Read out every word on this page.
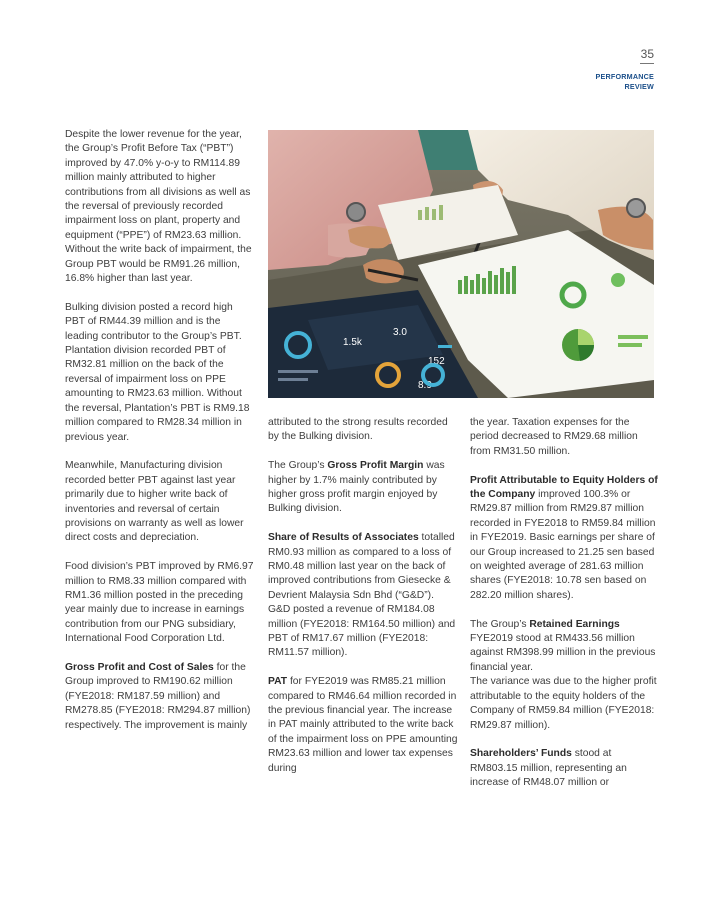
35
PERFORMANCE
REVIEW

Despite the lower revenue for the year, the Group’s Profit Before Tax (“PBT”) improved by 47.0% y-o-y to RM114.89 million mainly attributed to higher contributions from all divisions as well as the reversal of previously recorded impairment loss on plant, property and equipment (“PPE”) of RM23.63 million. Without the write back of impairment, the Group PBT would be RM91.26 million, 16.8% higher than last year.

Bulking division posted a record high PBT of RM44.39 million and is the leading contributor to the Group’s PBT. Plantation division recorded PBT of RM32.81 million on the back of the reversal of impairment loss on PPE amounting to RM23.63 million. Without the reversal, Plantation’s PBT is RM9.18 million compared to RM28.34 million in previous year.

Meanwhile, Manufacturing division recorded better PBT against last year primarily due to higher write back of inventories and reversal of certain provisions on warranty as well as lower direct costs and depreciation.

Food division’s PBT improved by RM6.97 million to RM8.33 million compared with RM1.36 million posted in the preceding year mainly due to increase in earnings contribution from our PNG subsidiary, International Food Corporation Ltd.

Gross Profit and Cost of Sales for the Group improved to RM190.62 million (FYE2018: RM187.59 million) and RM278.85 (FYE2018: RM294.87 million) respectively. The improvement is mainly

1.5k
3.0
152
8.9

attributed to the strong results recorded by the Bulking division.

The Group’s Gross Profit Margin was higher by 1.7% mainly contributed by higher gross profit margin enjoyed by Bulking division.

Share of Results of Associates totalled RM0.93 million as compared to a loss of RM0.48 million last year on the back of improved contributions from Giesecke & Devrient Malaysia Sdn Bhd (“G&D”). G&D posted a revenue of RM184.08 million (FYE2018: RM164.50 million) and PBT of RM17.67 million (FYE2018: RM11.57 million).

PAT for FYE2019 was RM85.21 million compared to RM46.64 million recorded in the previous financial year. The increase in PAT mainly attributed to the write back of the impairment loss on PPE amounting RM23.63 million and lower tax expenses during

the year. Taxation expenses for the period decreased to RM29.68 million from RM31.50 million.

Profit Attributable to Equity Holders of the Company improved 100.3% or RM29.87 million from RM29.87 million recorded in FYE2018 to RM59.84 million in FYE2019. Basic earnings per share of our Group increased to 21.25 sen based on weighted average of 281.63 million shares (FYE2018: 10.78 sen based on 282.20 million shares).

The Group’s Retained Earnings FYE2019 stood at RM433.56 million against RM398.99 million in the previous financial year.
The variance was due to the higher profit attributable to the equity holders of the Company of RM59.84 million (FYE2018: RM29.87 million).

Shareholders’ Funds stood at RM803.15 million, representing an increase of RM48.07 million or
